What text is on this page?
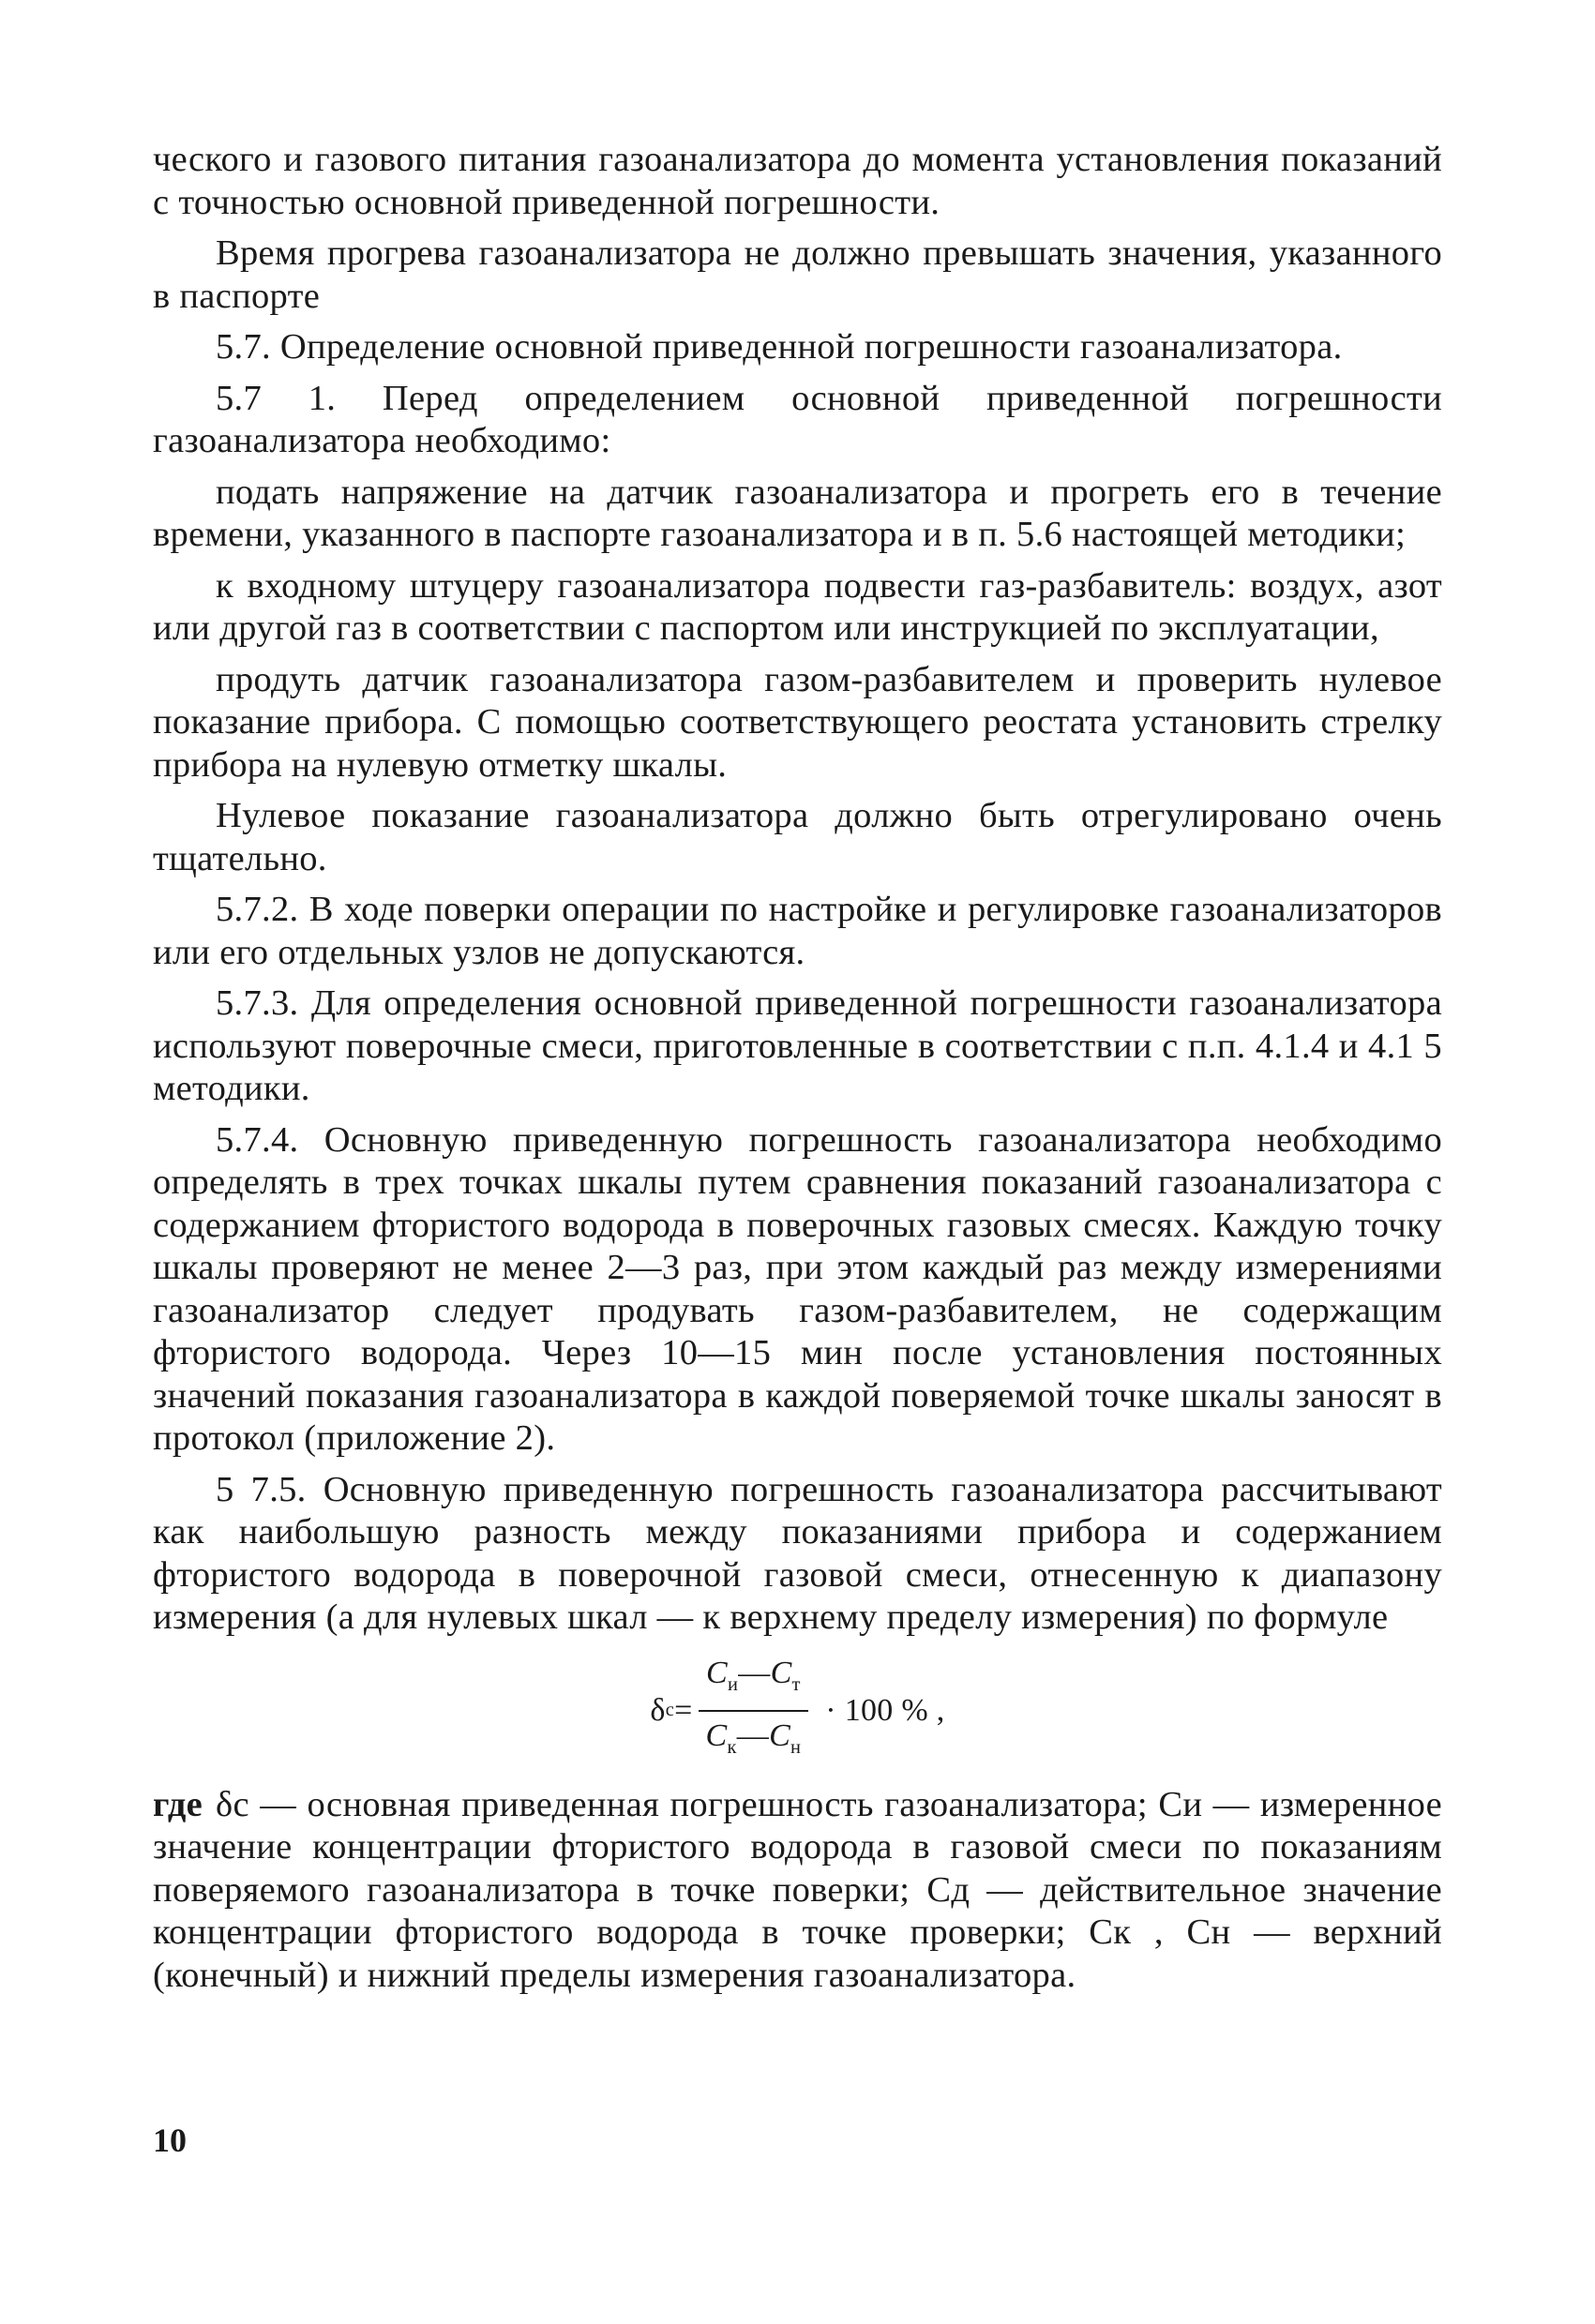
ческого и газового питания газоанализатора до момента установления показаний с точностью основной приведенной погрешности.

Время прогрева газоанализатора не должно превышать значения, указанного в паспорте

5.7. Определение основной приведенной погрешности газоанализатора.

5.7 1. Перед определением основной приведенной погрешности газоанализатора необходимо:

подать напряжение на датчик газоанализатора и прогреть его в течение времени, указанного в паспорте газоанализатора и в п. 5.6 настоящей методики;

к входному штуцеру газоанализатора подвести газ-разбавитель: воздух, азот или другой газ в соответствии с паспортом или инструкцией по эксплуатации,

продуть датчик газоанализатора газом-разбавителем и проверить нулевое показание прибора. С помощью соответствующего реостата установить стрелку прибора на нулевую отметку шкалы.

Нулевое показание газоанализатора должно быть отрегулировано очень тщательно.

5.7.2. В ходе поверки операции по настройке и регулировке газоанализаторов или его отдельных узлов не допускаются.

5.7.3. Для определения основной приведенной погрешности газоанализатора используют поверочные смеси, приготовленные в соответствии с п.п. 4.1.4 и 4.1 5 методики.

5.7.4. Основную приведенную погрешность газоанализатора необходимо определять в трех точках шкалы путем сравнения показаний газоанализатора с содержанием фтористого водорода в поверочных газовых смесях. Каждую точку шкалы проверяют не менее 2—3 раз, при этом каждый раз между измерениями газоанализатор следует продувать газом-разбавителем, не содержащим фтористого водорода. Через 10—15 мин после установления постоянных значений показания газоанализатора в каждой поверяемой точке шкалы заносят в протокол (приложение 2).

5 7.5. Основную приведенную погрешность газоанализатора рассчитывают как наибольшую разность между показаниями прибора и содержанием фтористого водорода в поверочной газовой смеси, отнесенную к диапазону измерения (а для нулевых шкал — к верхнему пределу измерения) по формуле

δ $c = \frac{C_и—C_т}{C_к—C_н} \cdot 100$ % ,

где δc — основная приведенная погрешность газоанализатора; Cи — измеренное значение концентрации фтористого водорода в газовой смеси по показаниям поверяемого газоанализатора в точке поверки; Cд — действительное значение концентрации фтористого водорода в точке проверки; Cк , Cн — верхний (конечный) и нижний пределы измерения газоанализатора.

10
